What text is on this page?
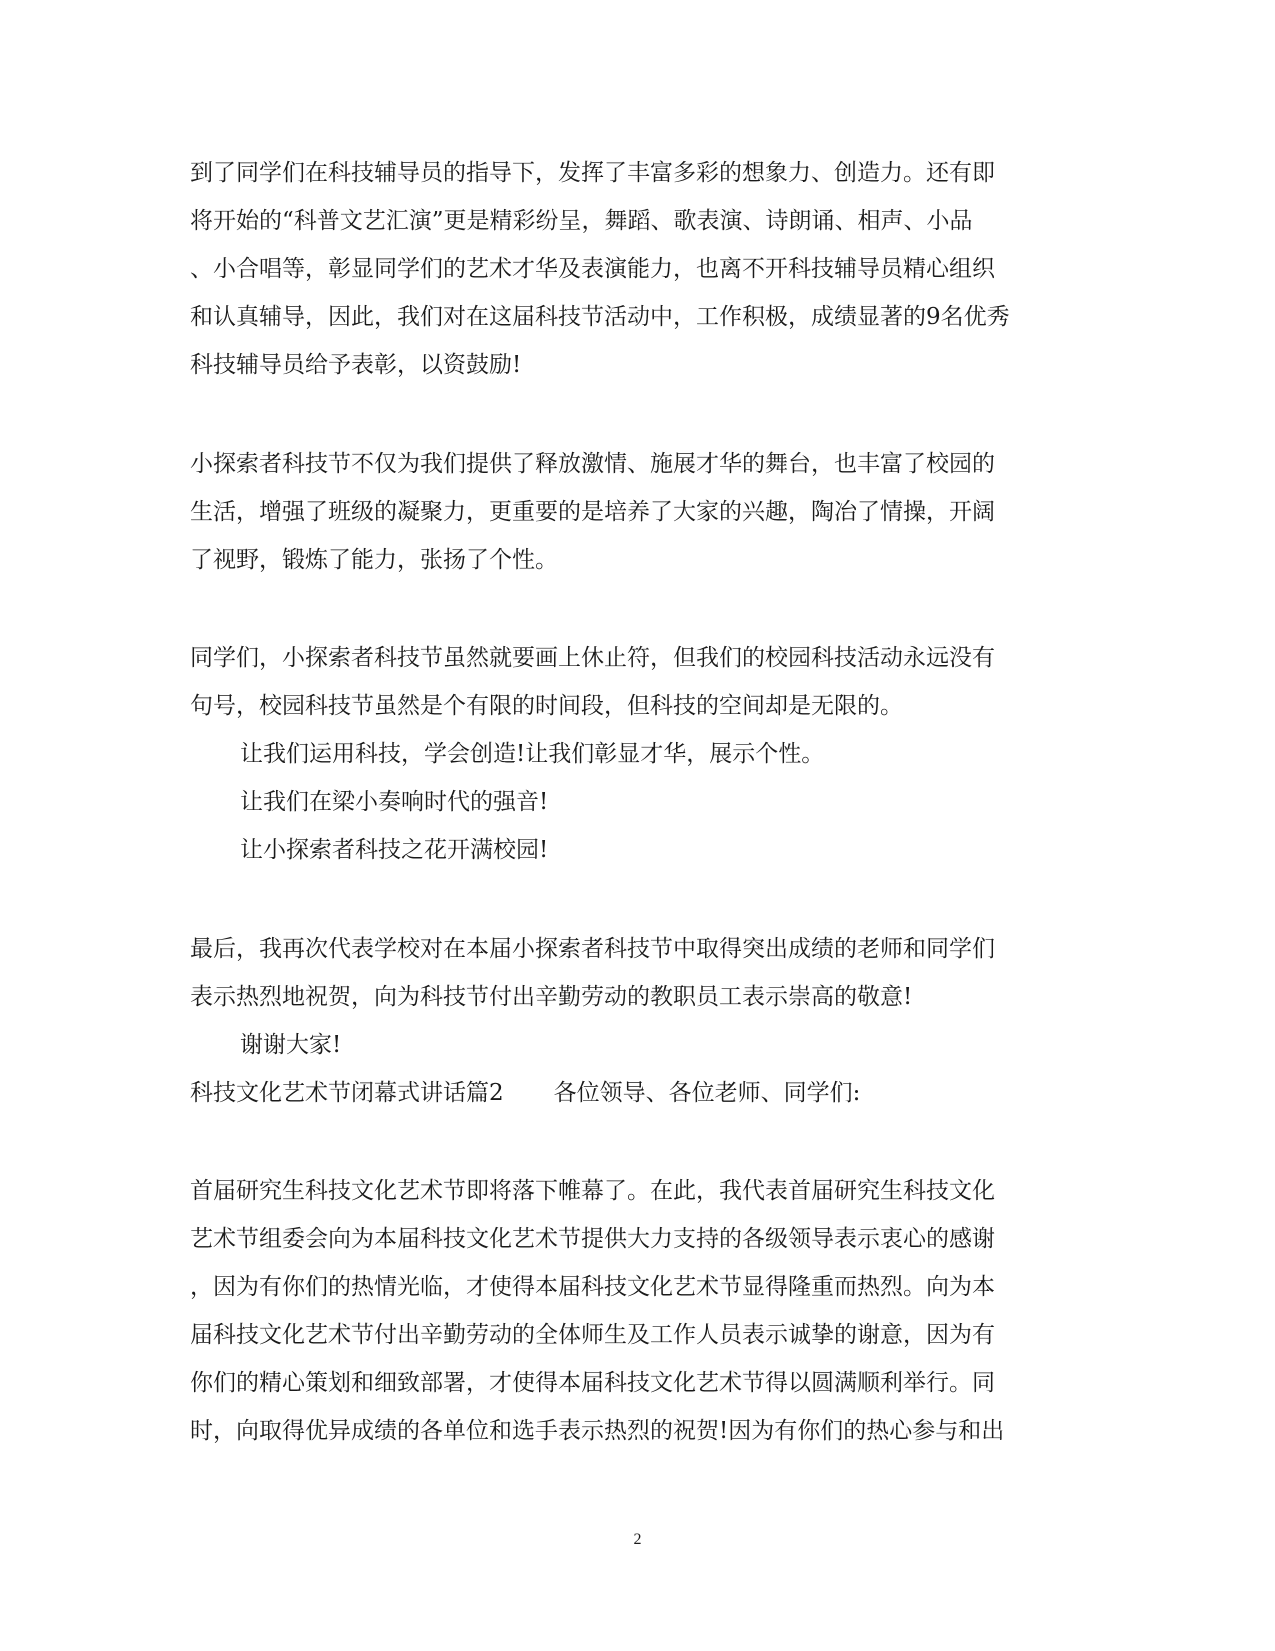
到了同学们在科技辅导员的指导下，发挥了丰富多彩的想象力、创造力。还有即
将开始的“科普文艺汇演”更是精彩纷呈，舞蹈、歌表演、诗朗诵、相声、小品
、小合唱等，彰显同学们的艺术才华及表演能力，也离不开科技辅导员精心组织
和认真辅导，因此，我们对在这届科技节活动中，工作积极，成绩显著的9名优秀
科技辅导员给予表彰，以资鼓励!
小探索者科技节不仅为我们提供了释放激情、施展才华的舞台，也丰富了校园的
生活，增强了班级的凝聚力，更重要的是培养了大家的兴趣，陶冶了情操，开阔
了视野，锻炼了能力，张扬了个性。
同学们，小探索者科技节虽然就要画上休止符，但我们的校园科技活动永远没有
句号，校园科技节虽然是个有限的时间段，但科技的空间却是无限的。
让我们运用科技，学会创造!让我们彰显才华，展示个性。
让我们在梁小奏响时代的强音!
让小探索者科技之花开满校园!
最后，我再次代表学校对在本届小探索者科技节中取得突出成绩的老师和同学们
表示热烈地祝贺，向为科技节付出辛勤劳动的教职员工表示崇高的敬意!
谢谢大家!
科技文化艺术节闭幕式讲话篇2 各位领导、各位老师、同学们:
首届研究生科技文化艺术节即将落下帷幕了。在此，我代表首届研究生科技文化
艺术节组委会向为本届科技文化艺术节提供大力支持的各级领导表示衷心的感谢
，因为有你们的热情光临，才使得本届科技文化艺术节显得隆重而热烈。向为本
届科技文化艺术节付出辛勤劳动的全体师生及工作人员表示诚挚的谢意，因为有
你们的精心策划和细致部署，才使得本届科技文化艺术节得以圆满顺利举行。同
时，向取得优异成绩的各单位和选手表示热烈的祝贺!因为有你们的热心参与和出
2
